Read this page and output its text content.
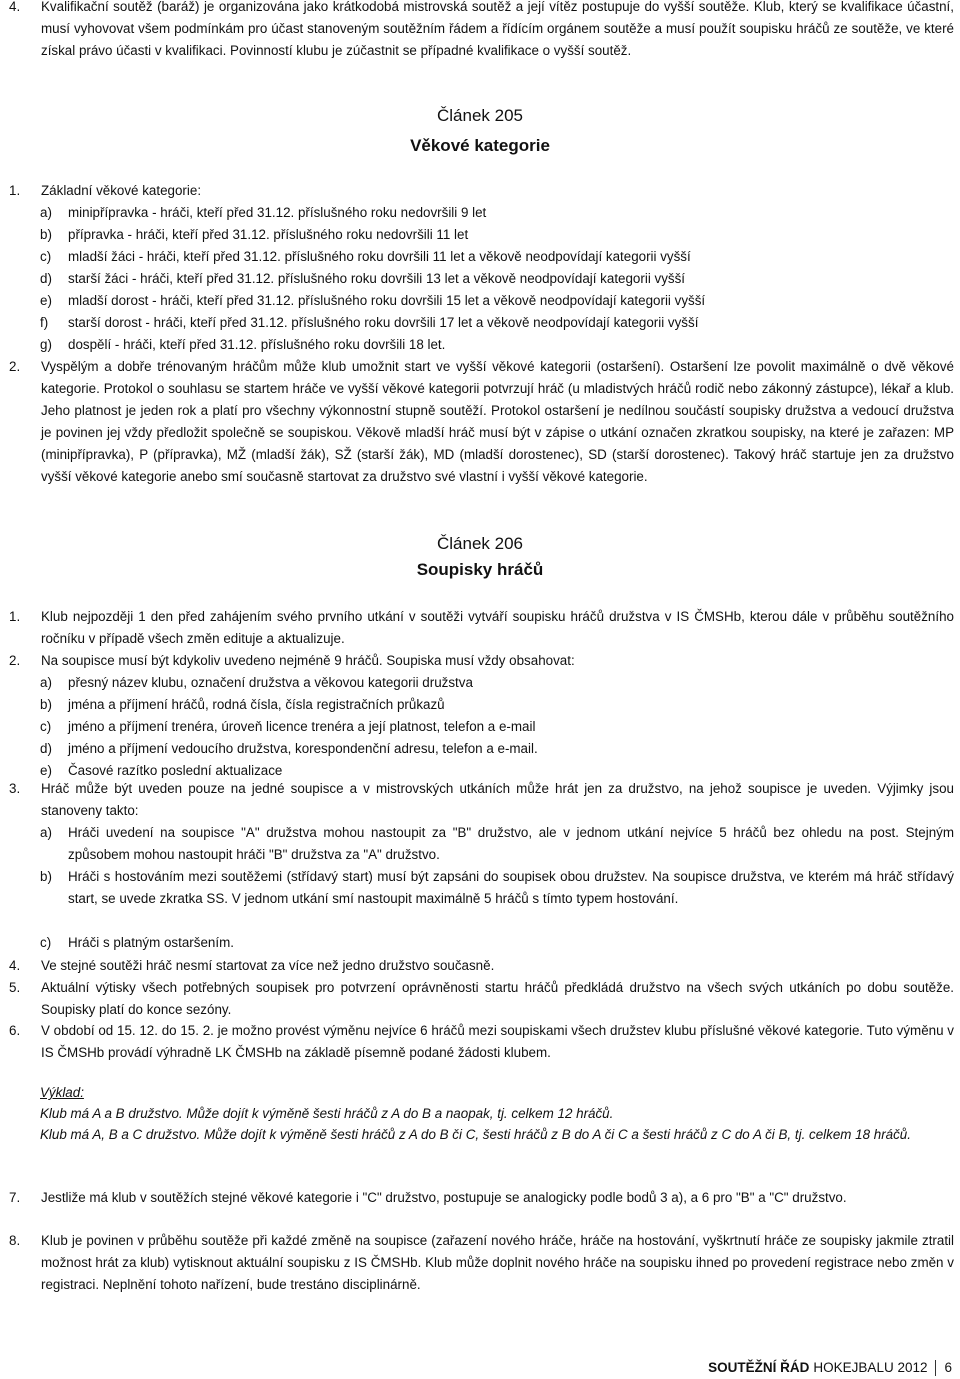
4. Kvalifikační soutěž (baráž) je organizována jako krátkodobá mistrovská soutěž a její vítěz postupuje do vyšší soutěže. Klub, který se kvalifikace účastní, musí vyhovovat všem podmínkám pro účast stanoveným soutěžním řádem a řídícím orgánem soutěže a musí použít soupisku hráčů ze soutěže, ve které získal právo účasti v kvalifikaci. Povinností klubu je zúčastnit se případné kvalifikace o vyšší soutěž.
Článek 205
Věkové kategorie
1. Základní věkové kategorie:
a) minipřípravka - hráči, kteří před 31.12. příslušného roku nedovršili 9 let
b) přípravka - hráči, kteří před 31.12. příslušného roku nedovršili 11 let
c) mladší žáci - hráči, kteří před 31.12. příslušného roku dovršili 11 let a věkově neodpovídají kategorii vyšší
d) starší žáci - hráči, kteří před 31.12. příslušného roku dovršili 13 let a věkově neodpovídají kategorii vyšší
e) mladší dorost - hráči, kteří před 31.12. příslušného roku dovršili 15 let a věkově neodpovídají kategorii vyšší
f) starší dorost - hráči, kteří před 31.12. příslušného roku dovršili 17 let a věkově neodpovídají kategorii vyšší
g) dospělí - hráči, kteří před 31.12. příslušného roku dovršili 18 let.
2. Vyspělým a dobře trénovaným hráčům může klub umožnit start ve vyšší věkové kategorii (ostaršení). Ostaršení lze povolit maximálně o dvě věkové kategorie. Protokol o souhlasu se startem hráče ve vyšší věkové kategorii potvrzují hráč (u mladistvých hráčů rodič nebo zákonný zástupce), lékař a klub. Jeho platnost je jeden rok a platí pro všechny výkonnostní stupně soutěží. Protokol ostaršení je nedílnou součástí soupisky družstva a vedoucí družstva je povinen jej vždy předložit společně se soupiskou. Věkově mladší hráč musí být v zápise o utkání označen zkratkou soupisky, na které je zařazen: MP (minipřípravka), P (přípravka), MŽ (mladší žák), SŽ (starší žák), MD (mladší dorostenec), SD (starší dorostenec). Takový hráč startuje jen za družstvo vyšší věkové kategorie anebo smí současně startovat za družstvo své vlastní i vyšší věkové kategorie.
Článek 206
Soupisky hráčů
1. Klub nejpozději 1 den před zahájením svého prvního utkání v soutěži vytváří soupisku hráčů družstva v IS ČMSHb, kterou dále v průběhu soutěžního ročníku v případě všech změn edituje a aktualizuje.
2. Na soupisce musí být kdykoliv uvedeno nejméně 9 hráčů. Soupiska musí vždy obsahovat:
a) přesný název klubu, označení družstva a věkovou kategorii družstva
b) jména a příjmení hráčů, rodná čísla, čísla registračních průkazů
c) jméno a příjmení trenéra, úroveň licence trenéra a její platnost, telefon a e-mail
d) jméno a příjmení vedoucího družstva, korespondenční adresu, telefon a e-mail.
e) Časové razítko poslední aktualizace
3. Hráč může být uveden pouze na jedné soupisce a v mistrovských utkáních může hrát jen za družstvo, na jehož soupisce je uveden. Výjimky jsou stanoveny takto:
a) Hráči uvedení na soupisce "A" družstva mohou nastoupit za "B" družstvo, ale v jednom utkání nejvíce 5 hráčů bez ohledu na post. Stejným způsobem mohou nastoupit hráči "B" družstva za "A" družstvo.
b) Hráči s hostováním mezi soutěžemi (střídavý start) musí být zapsáni do soupisek obou družstev. Na soupisce družstva, ve kterém má hráč střídavý start, se uvede zkratka SS. V jednom utkání smí nastoupit maximálně 5 hráčů s tímto typem hostování.
c) Hráči s platným ostaršením.
4. Ve stejné soutěži hráč nesmí startovat za více než jedno družstvo současně.
5. Aktuální výtisky všech potřebných soupisek pro potvrzení oprávněnosti startu hráčů předkládá družstvo na všech svých utkáních po dobu soutěže. Soupisky platí do konce sezóny.
6. V období od 15. 12. do 15. 2. je možno provést výměnu nejvíce 6 hráčů mezi soupiskami všech družstev klubu příslušné věkové kategorie. Tuto výměnu v IS ČMSHb provádí výhradně LK ČMSHb na základě písemně podané žádosti klubem.
Výklad:
Klub má A a B družstvo. Může dojít k výměně šesti hráčů z A do B a naopak, tj. celkem 12 hráčů.
Klub má A, B a C družstvo. Může dojít k výměně šesti hráčů z A do B či C, šesti hráčů z B do A či C a šesti hráčů z C do A či B, tj. celkem 18 hráčů.
7. Jestliže má klub v soutěžích stejné věkové kategorie i "C" družstvo, postupuje se analogicky podle bodů 3 a), a 6 pro "B" a "C" družstvo.
8. Klub je povinen v průběhu soutěže při každé změně na soupisce (zařazení nového hráče, hráče na hostování, vyškrtnutí hráče ze soupisky jakmile ztratil možnost hrát za klub) vytisknout aktuální soupisku z IS ČMSHb. Klub může doplnit nového hráče na soupisku ihned po provedení registrace nebo změn v registraci. Neplnění tohoto nařízení, bude trestáno disciplinárně.
SOUTĚŽNÍ ŘÁD HOKEJBALU 2012 6
